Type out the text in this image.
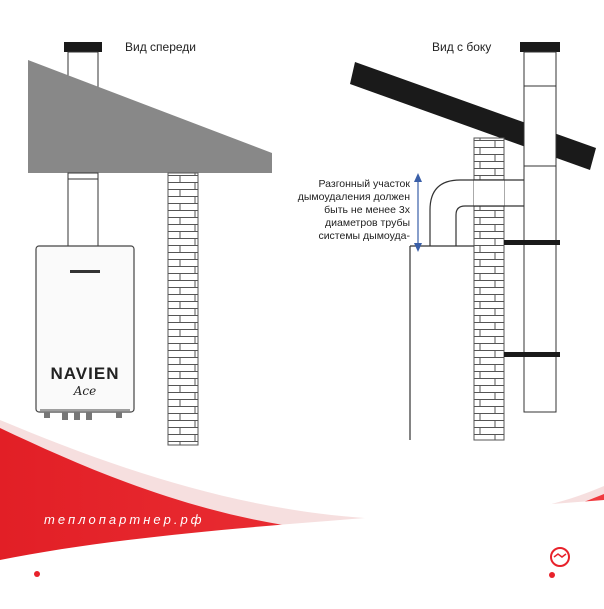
Вид спереди	Вид с боку
Разгонный участок дымоудаления должен быть не менее 3х диаметров трубы системы дымоуда-
NAVIEN
Ace
теплопартнер.рф
